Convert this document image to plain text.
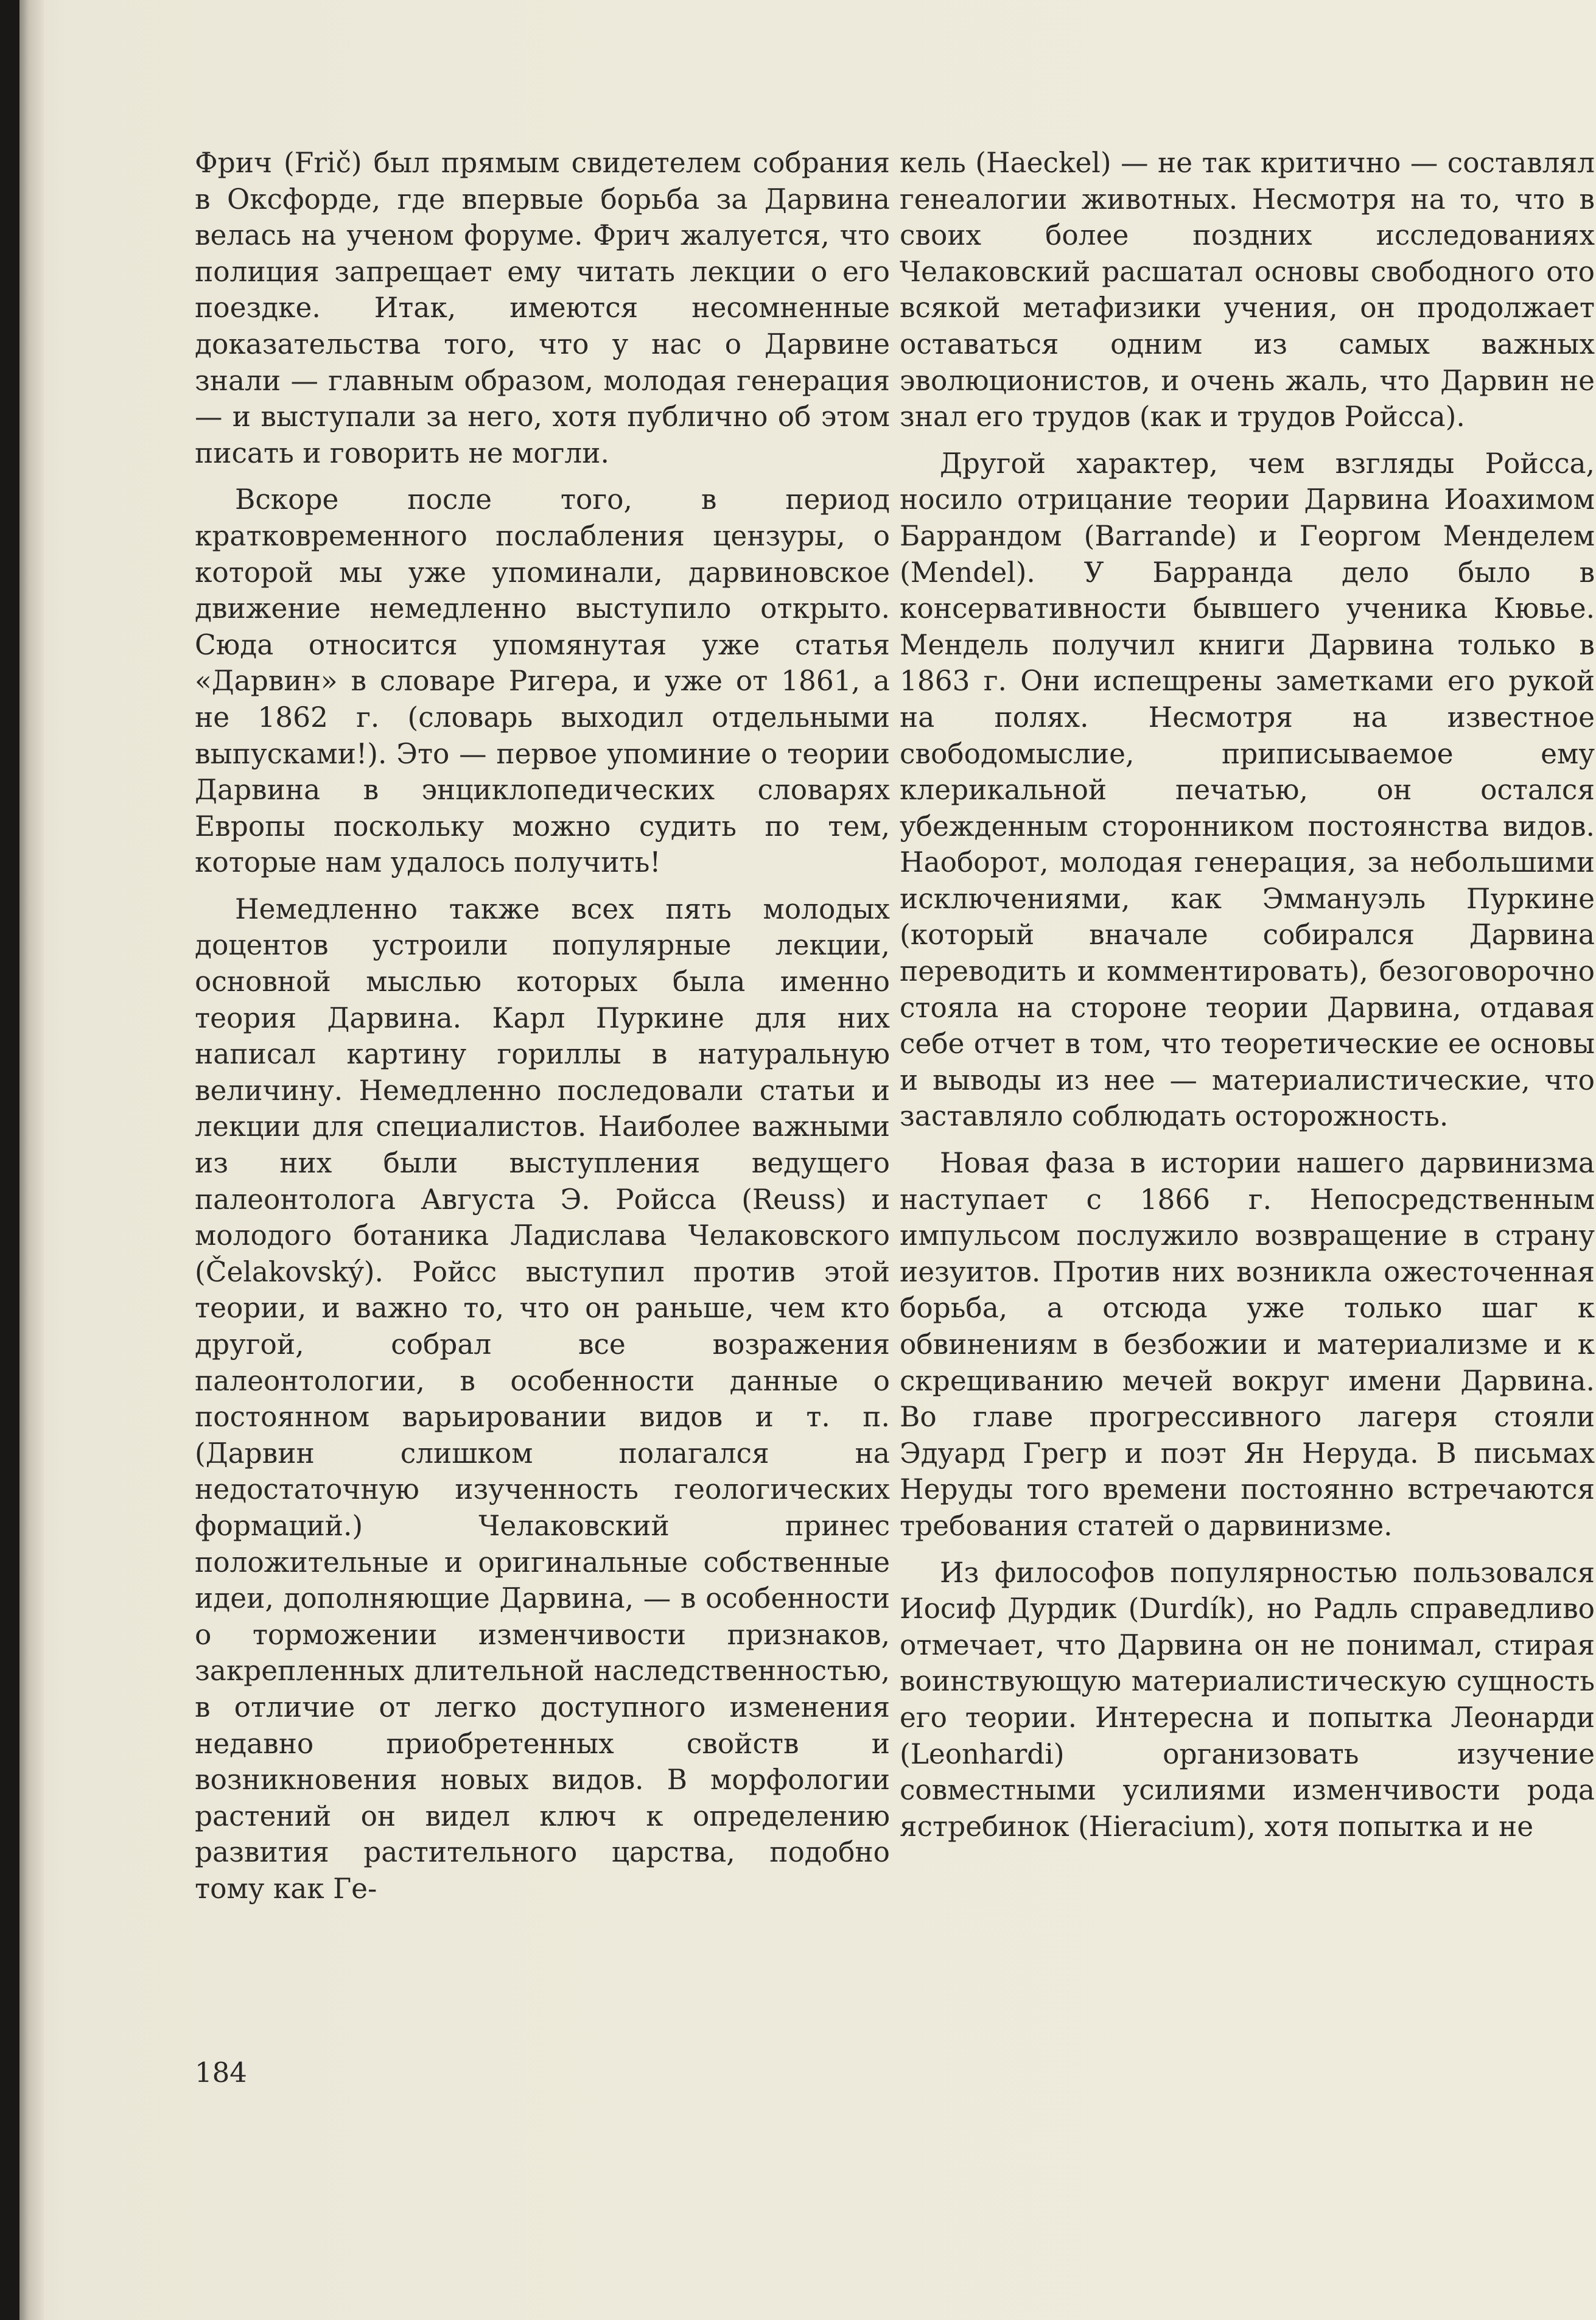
Фрич (Frič) был прямым свидетелем собрания в Оксфорде, где впервые борьба за Дарвина велась на ученом форуме. Фрич жалуется, что полиция запрещает ему читать лекции о его поездке. Итак, имеются несомненные доказательства того, что у нас о Дарвине знали — главным образом, молодая генерация — и выступали за него, хотя публично об этом писать и говорить не могли.

Вскоре после того, в период кратковременного послабления цензуры, о которой мы уже упоминали, дарвиновское движение немедленно выступило открыто. Сюда относится упомянутая уже статья «Дарвин» в словаре Ригера, и уже от 1861, а не 1862 г. (словарь выходил отдельными выпусками!). Это — первое упоминие о теории Дарвина в энциклопедических словарях Европы поскольку можно судить по тем, которые нам удалось получить!

Немедленно также всех пять молодых доцентов устроили популярные лекции, основной мыслью которых была именно теория Дарвина. Карл Пуркине для них написал картину гориллы в натуральную величину. Немедленно последовали статьи и лекции для специалистов. Наиболее важными из них были выступления ведущего палеонтолога Августа Э. Ройсса (Reuss) и молодого ботаника Ладислава Челаковского (Čelakovský). Ройсс выступил против этой теории, и важно то, что он раньше, чем кто другой, собрал все возражения палеонтологии, в особенности данные о постоянном варьировании видов и т. п. (Дарвин слишком полагался на недостаточную изученность геологических формаций.) Челаковский принес положительные и оригинальные собственные идеи, дополняющие Дарвина, — в особенности о торможении изменчивости признаков, закрепленных длительной наследственностью, в отличие от легко доступного изменения недавно приобретенных свойств и возникновения новых видов. В морфологии растений он видел ключ к определению развития растительного царства, подобно тому как Ге-

кель (Haeckel) — не так критично — составлял генеалогии животных. Несмотря на то, что в своих более поздних исследованиях Челаковский расшатал основы свободного ото всякой метафизики учения, он продолжает оставаться одним из самых важных эволюционистов, и очень жаль, что Дарвин не знал его трудов (как и трудов Ройсса).

Другой характер, чем взгляды Ройсса, носило отрицание теории Дарвина Иоахимом Баррандом (Barrande) и Георгом Менделем (Mendel). У Барранда дело было в консервативности бывшего ученика Кювье. Мендель получил книги Дарвина только в 1863 г. Они испещрены заметками его рукой на полях. Несмотря на известное свободомыслие, приписываемое ему клерикальной печатью, он остался убежденным сторонником постоянства видов. Наоборот, молодая генерация, за небольшими исключениями, как Эммануэль Пуркине (который вначале собирался Дарвина переводить и комментировать), безоговорочно стояла на стороне теории Дарвина, отдавая себе отчет в том, что теоретические ее основы и выводы из нее — материалистические, что заставляло соблюдать осторожность.

Новая фаза в истории нашего дарвинизма наступает с 1866 г. Непосредственным импульсом послужило возвращение в страну иезуитов. Против них возникла ожесточенная борьба, а отсюда уже только шаг к обвинениям в безбожии и материализме и к скрещиванию мечей вокруг имени Дарвина. Во главе прогрессивного лагеря стояли Эдуард Грегр и поэт Ян Неруда. В письмах Неруды того времени постоянно встречаются требования статей о дарвинизме.

Из философов популярностью пользовался Иосиф Дурдик (Durdík), но Радль справедливо отмечает, что Дарвина он не понимал, стирая воинствующую материалистическую сущность его теории. Интересна и попытка Леонарди (Leonhardi) организовать изучение совместными усилиями изменчивости рода ястребинок (Hieracium), хотя попытка и не

184
